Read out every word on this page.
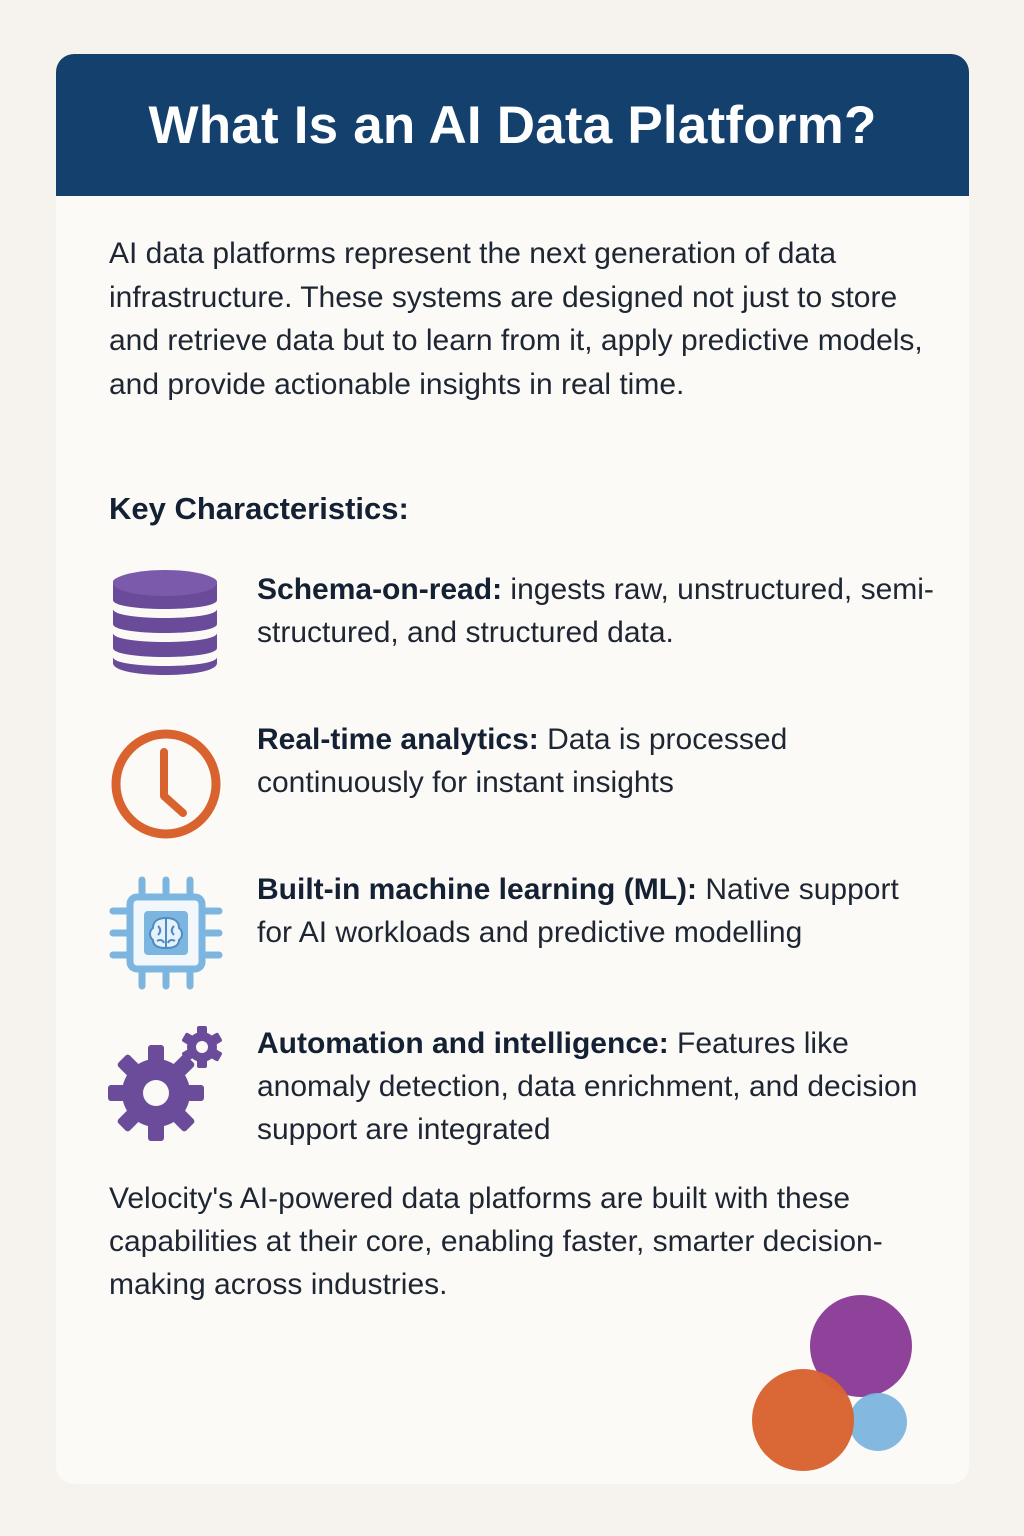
What Is an AI Data Platform?

AI data platforms represent the next generation of data infrastructure. These systems are designed not just to store and retrieve data but to learn from it, apply predictive models, and provide actionable insights in real time.

Key Characteristics:

Schema-on-read: ingests raw, unstructured, semi-structured, and structured data.

Real-time analytics: Data is processed continuously for instant insights

Built-in machine learning (ML): Native support for AI workloads and predictive modelling

Automation and intelligence: Features like anomaly detection, data enrichment, and decision support are integrated

Velocity's AI-powered data platforms are built with these capabilities at their core, enabling faster, smarter decision-making across industries.
